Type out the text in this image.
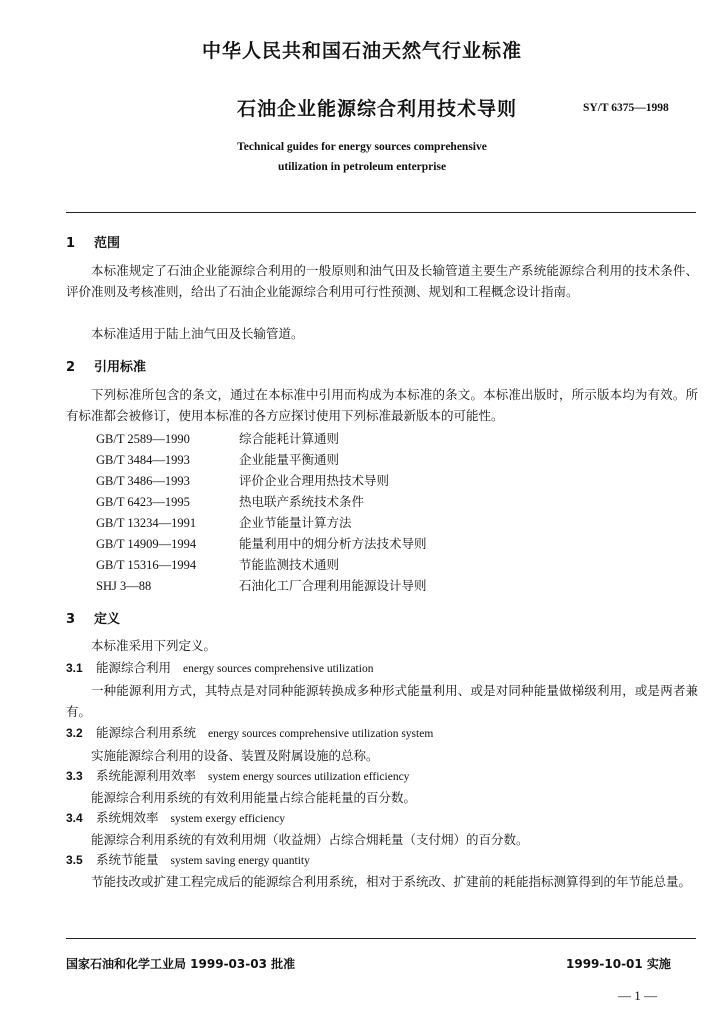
中华人民共和国石油天然气行业标准
石油企业能源综合利用技术导则	SY/T 6375—1998
Technical guides for energy sources comprehensive
utilization in petroleum enterprise
1 范围
本标准规定了石油企业能源综合利用的一般原则和油气田及长输管道主要生产系统能源综合利用的技术条件、评价准则及考核准则，给出了石油企业能源综合利用可行性预测、规划和工程概念设计指南。
本标准适用于陆上油气田及长输管道。
2 引用标准
下列标准所包含的条文，通过在本标准中引用而构成为本标准的条文。本标准出版时，所示版本均为有效。所有标准都会被修订，使用本标准的各方应探讨使用下列标准最新版本的可能性。
GB/T 2589—1990	综合能耗计算通则
GB/T 3484—1993	企业能量平衡通则
GB/T 3486—1993	评价企业合理用热技术导则
GB/T 6423—1995	热电联产系统技术条件
GB/T 13234—1991	企业节能量计算方法
GB/T 14909—1994	能量利用中的㶲分析方法技术导则
GB/T 15316—1994	节能监测技术通则
SHJ 3—88	石油化工厂合理利用能源设计导则
3 定义
本标准采用下列定义。
3.1 能源综合利用 energy sources comprehensive utilization
一种能源利用方式，其特点是对同种能源转换成多种形式能量利用、或是对同种能量做梯级利用，或是两者兼有。
3.2 能源综合利用系统 energy sources comprehensive utilization system
实施能源综合利用的设备、装置及附属设施的总称。
3.3 系统能源利用效率 system energy sources utilization efficiency
能源综合利用系统的有效利用能量占综合能耗量的百分数。
3.4 系统㶲效率 system exergy efficiency
能源综合利用系统的有效利用㶲（收益㶲）占综合㶲耗量（支付㶲）的百分数。
3.5 系统节能量 system saving energy quantity
节能技改或扩建工程完成后的能源综合利用系统，相对于系统改、扩建前的耗能指标测算得到的年节能总量。
国家石油和化学工业局 1999-03-03 批准	1999-10-01 实施
— 1 —
